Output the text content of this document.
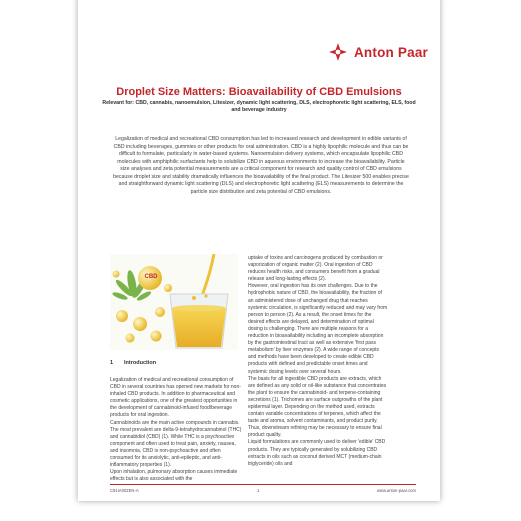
Anton Paar
Droplet Size Matters: Bioavailability of CBD Emulsions
Relevant for: CBD, cannabis, nanoemulsion, Litesizer, dynamic light scattering, DLS, electrophoretic light scattering, ELS, food and beverage industry
Legalization of medical and recreational CBD consumption has led to increased research and development in edible variants of CBD including beverages, gummies or other products for oral administration. CBD is a highly lipophilic molecule and thus can be difficult to formulate, particularly in water-based systems. Nanoemulsion delivery systems, which encapsulate lipophilic CBD molecules with amphiphilic surfactants help to solubilize CBD in aqueous environments to increase the bioavailability. Particle size analyses and zeta potential measurements are a critical component for research and quality control of CBD emulsions because droplet size and stability dramatically influences the bioavailability of the final product. The Litesizer 500 enables precise and straightforward dynamic light scattering (DLS) and electrophoretic light scattering (ELS) measurements to determine the particle size distribution and zeta potential of CBD emulsions.
CBD
1 Introduction

Legalization of medical and recreational consumption of CBD in several countries has opened new markets for non-inhaled CBD products. In addition to pharmaceutical and cosmetic applications, one of the greatest opportunities in the development of cannabinoid-infused food/beverage products for oral ingestion.

Cannabinoids are the main active compounds in cannabis. The most prevalent are delta-9-tetrahydrocannabinol (THC) and cannabidiol (CBD) (1). While THC is a psychoactive component and often used to treat pain, anxiety, nausea, and insomnia, CBD is non-psychoactive and often consumed for its anxiolytic, anti-epileptic, and anti-inflammatory properties (1).

Upon inhalation, pulmonary absorption causes immediate effects but is also associated with the

uptake of toxins and carcinogens produced by combustion or vaporization of organic matter (2). Oral ingestion of CBD reduces health risks, and consumers benefit from a gradual release and long-lasting effects (2).

However, oral ingestion has its own challenges. Due to the hydrophobic nature of CBD, the bioavailability, the fraction of an administered dose of unchanged drug that reaches systemic circulation, is significantly reduced and may vary from person to person (2). As a result, the onset times for the desired effects are delayed, and determination of optimal dosing is challenging. There are multiple reasons for a reduction in bioavailability including an incomplete absorption by the gastrointestinal tract as well as extensive 'first pass metabolism' by liver enzymes (2). A wide range of concepts and methods have been developed to create edible CBD products with defined and predictable onset times and systemic dosing levels over several hours.

The basis for all ingestible CBD products are extracts, which are defined as any solid or oil-like substance that concentrates the plant to ensure the cannabinoid- and terpene-containing secretions (1). Trichomes are surface outgrowths of the plant epidermal layer. Depending on the method used, extracts contain variable concentrations of terpenes, which affect the taste and aroma, solvent contaminants, and product purity. Thus, downstream refining may be necessary to ensure final product quality.

Liquid formulations are commonly used to deliver 'edible' CBD products. They are typically generated by solubilizing CBD extracts in oils such as coconut derived MCT (medium-chain triglyceride) oils and

C91IA002EN-A	1	www.anton-paar.com
